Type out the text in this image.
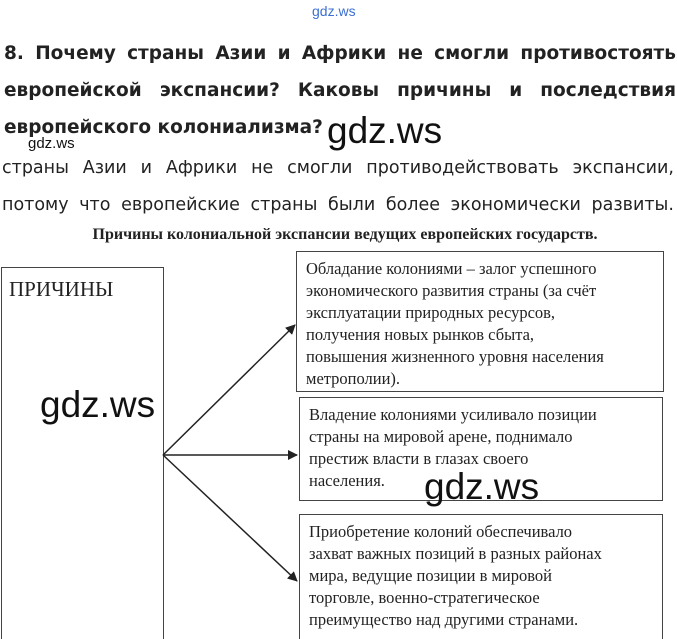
gdz.ws
8. Почему страны Азии и Африки не смогли противостоять
европейской экспансии? Каковы причины и последствия
европейского колониализма?
gdz.ws	gdz.ws
страны Азии и Африки не смогли противодействовать экспансии,
потому что европейские страны были более экономически развиты.
Причины колониальной экспансии ведущих европейских государств.
ПРИЧИНЫ

Обладание колониями – залог успешного
экономического развития страны (за счёт
эксплуатации природных ресурсов,
получения новых рынков сбыта,
повышения жизненного уровня населения
метрополии).

Владение колониями усиливало позиции
страны на мировой арене, поднимало
престиж власти в глазах своего
населения.

Приобретение колоний обеспечивало
захват важных позиций в разных районах
мира, ведущие позиции в мировой
торговле, военно-стратегическое
преимущество над другими странами.

gdz.ws
gdz.ws
